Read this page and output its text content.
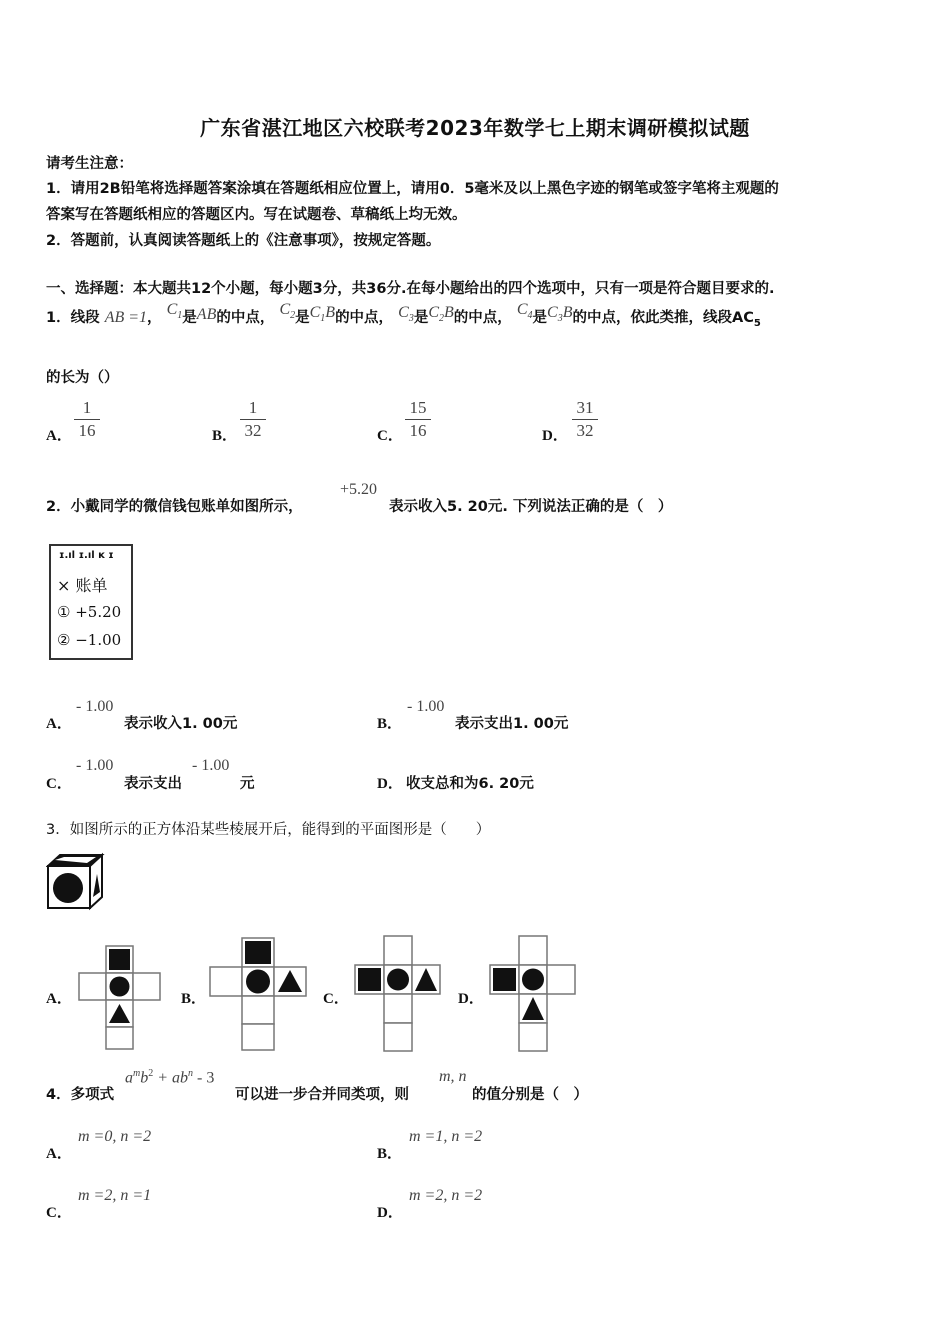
广东省湛江地区六校联考2023年数学七上期末调研模拟试题
请考生注意：
1．请用2B铅笔将选择题答案涂填在答题纸相应位置上，请用0．5毫米及以上黑色字迹的钢笔或签字笔将主观题的
答案写在答题纸相应的答题区内。写在试题卷、草稿纸上均无效。
2．答题前，认真阅读答题纸上的《注意事项》，按规定答题。
一、选择题：本大题共12个小题，每小题3分，共36分.在每小题给出的四个选项中，只有一项是符合题目要求的.
1．线段 AB =1， $C_1$是AB的中点， $C_2$是$C_1B$的中点， $C_3$是$C_2B$的中点， $C_4$是$C_3B$的中点，依此类推，线段$AC_5$
的长为（）
A．
1
16	B．
1
32	C．
15
16	D．
31
32
2．小戴同学的微信钱包账单如图所示，
+5.20
表示收入5. 20元. 下列说法正确的是（　）
ɪ.ıl ɪ.ıl ĸ ɪ
× 账单
① +5.20
② −1.00
A．
- 1.00
表示收入1. 00元	B．
- 1.00
表示支出1. 00元
C．
- 1.00
表示支出
- 1.00
元	D． 收支总和为6. 20元
3．如图所示的正方体沿某些棱展开后，能得到的平面图形是（　　）
A．	B．	C．	D．
4．多项式
$a^mb^2 + ab^n - 3$
可以进一步合并同类项，则
m, n
的值分别是（　）
A．
m =0, n =2
B．
m =1, n =2
C．
m =2, n =1
D．
m =2, n =2
